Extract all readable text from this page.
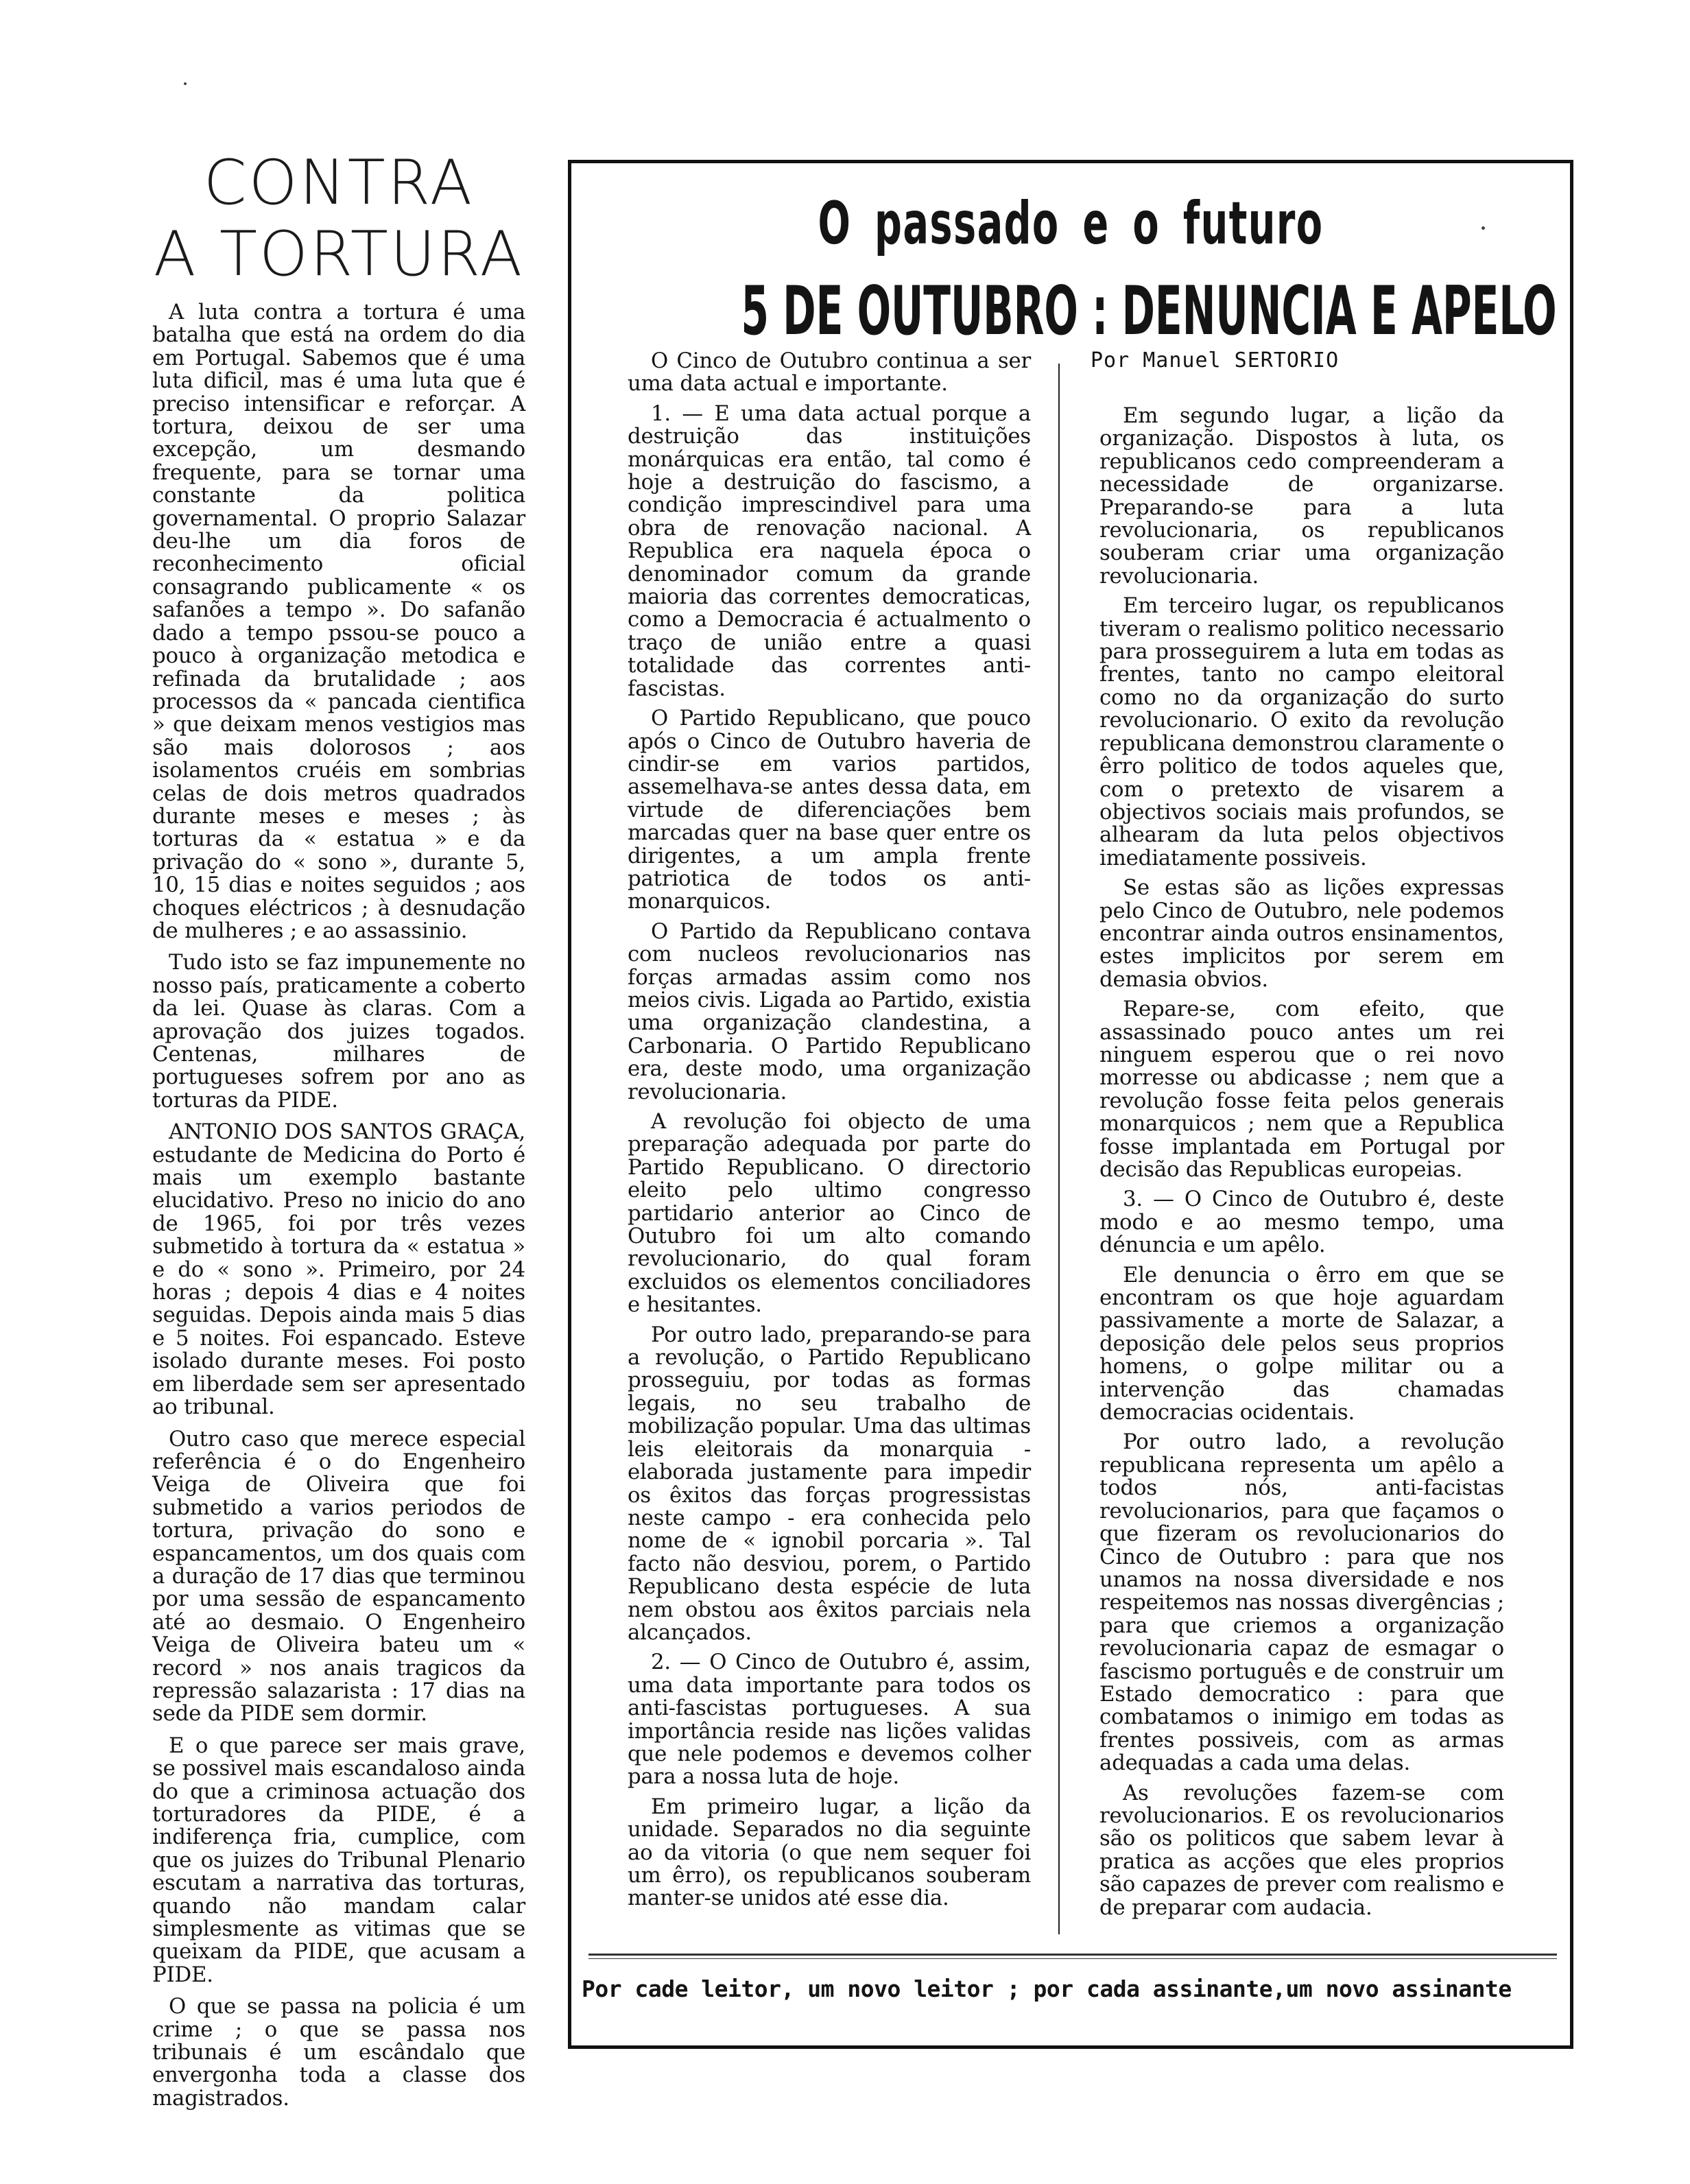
CONTRA
A TORTURA

A luta contra a tortura é uma batalha que está na ordem do dia em Portugal. Sabemos que é uma luta dificil, mas é uma luta que é preciso intensificar e reforçar. A tortura, deixou de ser uma excepção, um desmando frequente, para se tornar uma constante da politica governamental. O proprio Salazar deu-lhe um dia foros de reconhecimento oficial consagrando publicamente « os safanões a tempo ». Do safanão dado a tempo pssou-se pouco a pouco à organização metodica e refinada da brutalidade ; aos processos da « pancada cientifica » que deixam menos vestigios mas são mais dolorosos ; aos isolamentos cruéis em sombrias celas de dois metros quadrados durante meses e meses ; às torturas da « estatua » e da privação do « sono », durante 5, 10, 15 dias e noites seguidos ; aos choques eléctricos ; à desnudação de mulheres ; e ao assassinio.

Tudo isto se faz impunemente no nosso país, praticamente a coberto da lei. Quase às claras. Com a aprovação dos juizes togados. Centenas, milhares de portugueses sofrem por ano as torturas da PIDE.

ANTONIO DOS SANTOS GRAÇA, estudante de Medicina do Porto é mais um exemplo bastante elucidativo. Preso no inicio do ano de 1965, foi por três vezes submetido à tortura da « estatua » e do « sono ». Primeiro, por 24 horas ; depois 4 dias e 4 noites seguidas. Depois ainda mais 5 dias e 5 noites. Foi espancado. Esteve isolado durante meses. Foi posto em liberdade sem ser apresentado ao tribunal.

Outro caso que merece especial referência é o do Engenheiro Veiga de Oliveira que foi submetido a varios periodos de tortura, privação do sono e espancamentos, um dos quais com a duração de 17 dias que terminou por uma sessão de espancamento até ao desmaio. O Engenheiro Veiga de Oliveira bateu um « record » nos anais tragicos da repressão salazarista : 17 dias na sede da PIDE sem dormir.

E o que parece ser mais grave, se possivel mais escandaloso ainda do que a criminosa actuação dos torturadores da PIDE, é a indiferença fria, cumplice, com que os juizes do Tribunal Plenario escutam a narrativa das torturas, quando não mandam calar simplesmente as vitimas que se queixam da PIDE, que acusam a PIDE.

O que se passa na policia é um crime ; o que se passa nos tribunais é um escândalo que envergonha toda a classe dos magistrados.

O passado e o futuro
5 DE OUTUBRO : DENUNCIA E APELO
Por Manuel SERTORIO

O Cinco de Outubro continua a ser uma data actual e importante.

1. — E uma data actual porque a destruição das instituições monárquicas era então, tal como é hoje a destruição do fascismo, a condição imprescindivel para uma obra de renovação nacional. A Republica era naquela época o denominador comum da grande maioria das correntes democraticas, como a Democracia é actualmento o traço de união entre a quasi totalidade das correntes anti-fascistas.

O Partido Republicano, que pouco após o Cinco de Outubro haveria de cindir-se em varios partidos, assemelhava-se antes dessa data, em virtude de diferenciações bem marcadas quer na base quer entre os dirigentes, a um ampla frente patriotica de todos os anti-monarquicos.

O Partido da Republicano contava com nucleos revolucionarios nas forças armadas assim como nos meios civis. Ligada ao Partido, existia uma organização clandestina, a Carbonaria. O Partido Republicano era, deste modo, uma organização revolucionaria.

A revolução foi objecto de uma preparação adequada por parte do Partido Republicano. O directorio eleito pelo ultimo congresso partidario anterior ao Cinco de Outubro foi um alto comando revolucionario, do qual foram excluidos os elementos conciliadores e hesitantes.

Por outro lado, preparando-se para a revolução, o Partido Republicano prosseguiu, por todas as formas legais, no seu trabalho de mobilização popular. Uma das ultimas leis eleitorais da monarquia - elaborada justamente para impedir os êxitos das forças progressistas neste campo - era conhecida pelo nome de « ignobil porcaria ». Tal facto não desviou, porem, o Partido Republicano desta espécie de luta nem obstou aos êxitos parciais nela alcançados.

2. — O Cinco de Outubro é, assim, uma data importante para todos os anti-fascistas portugueses. A sua importância reside nas lições validas que nele podemos e devemos colher para a nossa luta de hoje.

Em primeiro lugar, a lição da unidade. Separados no dia seguinte ao da vitoria (o que nem sequer foi um êrro), os republicanos souberam manter-se unidos até esse dia.

Em segundo lugar, a lição da organização. Dispostos à luta, os republicanos cedo compreenderam a necessidade de organizarse. Preparando-se para a luta revolucionaria, os republicanos souberam criar uma organização revolucionaria.

Em terceiro lugar, os republicanos tiveram o realismo politico necessario para prosseguirem a luta em todas as frentes, tanto no campo eleitoral como no da organização do surto revolucionario. O exito da revolução republicana demonstrou claramente o êrro politico de todos aqueles que, com o pretexto de visarem a objectivos sociais mais profundos, se alhearam da luta pelos objectivos imediatamente possiveis.

Se estas são as lições expressas pelo Cinco de Outubro, nele podemos encontrar ainda outros ensinamentos, estes implicitos por serem em demasia obvios.

Repare-se, com efeito, que assassinado pouco antes um rei ninguem esperou que o rei novo morresse ou abdicasse ; nem que a revolução fosse feita pelos generais monarquicos ; nem que a Republica fosse implantada em Portugal por decisão das Republicas europeias.

3. — O Cinco de Outubro é, deste modo e ao mesmo tempo, uma dénuncia e um apêlo.

Ele denuncia o êrro em que se encontram os que hoje aguardam passivamente a morte de Salazar, a deposição dele pelos seus proprios homens, o golpe militar ou a intervenção das chamadas democracias ocidentais.

Por outro lado, a revolução republicana representa um apêlo a todos nós, anti-facistas revolucionarios, para que façamos o que fizeram os revolucionarios do Cinco de Outubro : para que nos unamos na nossa diversidade e nos respeitemos nas nossas divergências ; para que criemos a organização revolucionaria capaz de esmagar o fascismo português e de construir um Estado democratico : para que combatamos o inimigo em todas as frentes possiveis, com as armas adequadas a cada uma delas.

As revoluções fazem-se com revolucionarios. E os revolucionarios são os politicos que sabem levar à pratica as acções que eles proprios são capazes de prever com realismo e de preparar com audacia.

Por cade leitor, um novo leitor ; por cada assinante,um novo assinante
